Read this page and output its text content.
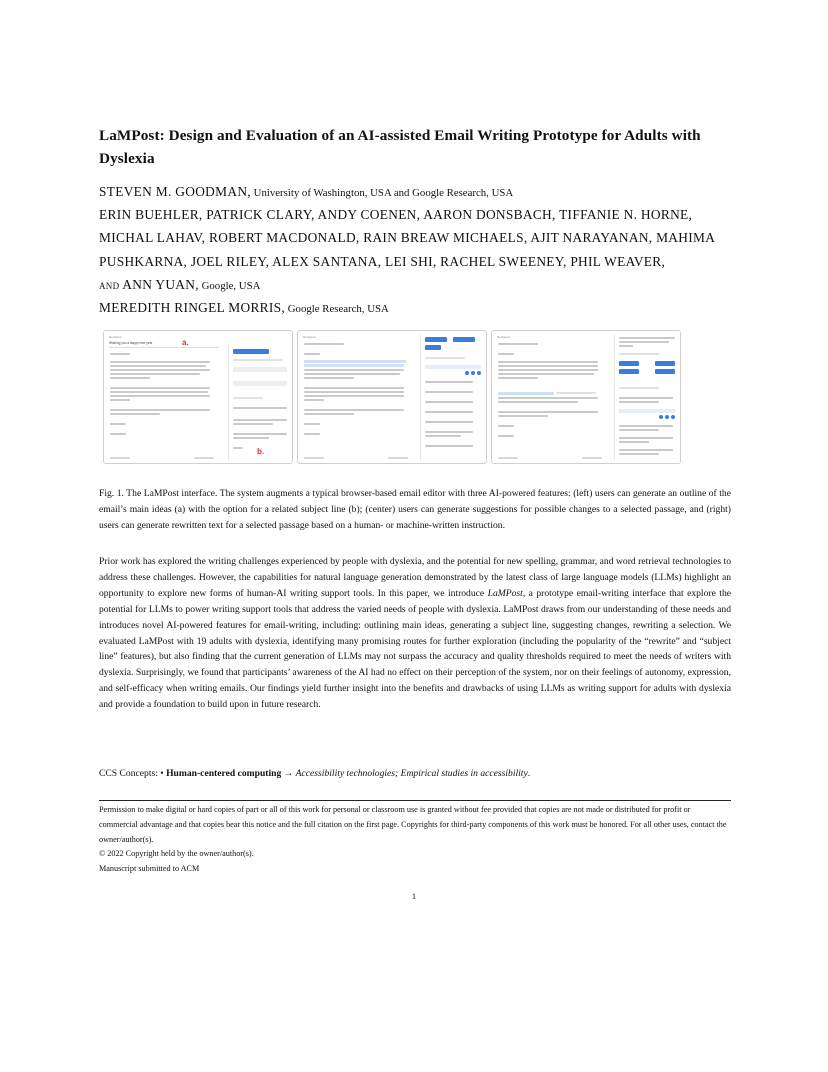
LaMPost: Design and Evaluation of an AI-assisted Email Writing Prototype for Adults with Dyslexia
STEVEN M. GOODMAN, University of Washington, USA and Google Research, USA
ERIN BUEHLER, PATRICK CLARY, ANDY COENEN, AARON DONSBACH, TIFFANIE N. HORNE,
MICHAL LAHAV, ROBERT MACDONALD, RAIN BREAW MICHAELS, AJIT NARAYANAN, MAHIMA
PUSHKARNA, JOEL RILEY, ALEX SANTANA, LEI SHI, RACHEL SWEENEY, PHIL WEAVER,
and ANN YUAN, Google, USA
MEREDITH RINGEL MORRIS, Google Research, USA
Recipient
Wishing you a happy new year	a.
b.
Recipient	Recipient
Fig. 1. The LaMPost interface. The system augments a typical browser-based email editor with three AI-powered features: (left) users can generate an outline of the email’s main ideas (a) with the option for a related subject line (b); (center) users can generate suggestions for possible changes to a selected passage, and (right) users can generate rewritten text for a selected passage based on a human- or machine-written instruction.
Prior work has explored the writing challenges experienced by people with dyslexia, and the potential for new spelling, grammar, and word retrieval technologies to address these challenges. However, the capabilities for natural language generation demonstrated by the latest class of large language models (LLMs) highlight an opportunity to explore new forms of human-AI writing support tools. In this paper, we introduce LaMPost, a prototype email-writing interface that explore the potential for LLMs to power writing support tools that address the varied needs of people with dyslexia. LaMPost draws from our understanding of these needs and introduces novel AI-powered features for email-writing, including: outlining main ideas, generating a subject line, suggesting changes, rewriting a selection. We evaluated LaMPost with 19 adults with dyslexia, identifying many promising routes for further exploration (including the popularity of the “rewrite” and “subject line” features), but also finding that the current generation of LLMs may not surpass the accuracy and quality thresholds required to meet the needs of writers with dyslexia. Surprisingly, we found that participants’ awareness of the AI had no effect on their perception of the system, nor on their feelings of autonomy, expression, and self-efficacy when writing emails. Our findings yield further insight into the benefits and drawbacks of using LLMs as writing support for adults with dyslexia and provide a foundation to build upon in future research.
CCS Concepts: • Human-centered computing → Accessibility technologies; Empirical studies in accessibility.
Permission to make digital or hard copies of part or all of this work for personal or classroom use is granted without fee provided that copies are not made or distributed for profit or commercial advantage and that copies bear this notice and the full citation on the first page. Copyrights for third-party components of this work must be honored. For all other uses, contact the owner/author(s).
© 2022 Copyright held by the owner/author(s).
Manuscript submitted to ACM
1
